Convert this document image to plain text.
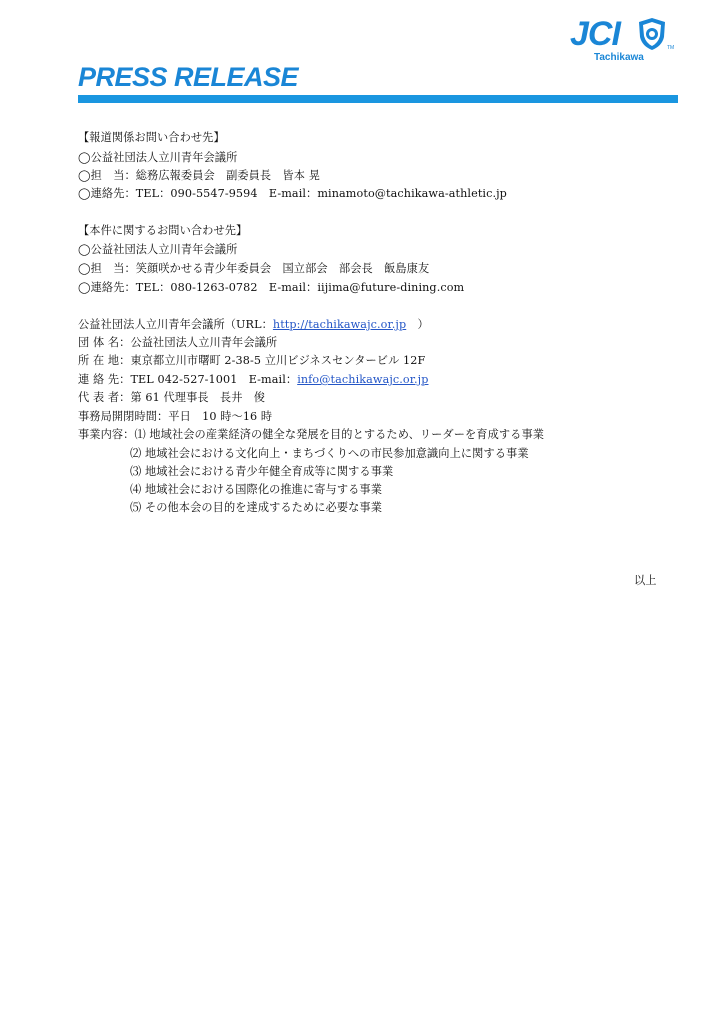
JCI	TM
Tachikawa
PRESS RELEASE
【報道関係お問い合わせ先】
◯公益社団法人立川青年会議所
◯担　当：総務広報委員会　副委員長　皆本 晃
◯連絡先：TEL：090-5547-9594　E-mail：minamoto@tachikawa-athletic.jp
【本件に関するお問い合わせ先】
◯公益社団法人立川青年会議所
◯担　当：笑顔咲かせる青少年委員会　国立部会　部会長　飯島康友
◯連絡先：TEL：080-1263-0782　E-mail：iijima@future-dining.com
公益社団法人立川青年会議所（URL：http://tachikawajc.or.jp　）
団 体 名：公益社団法人立川青年会議所
所 在 地：東京都立川市曙町 2-38-5 立川ビジネスセンタービル 12F
連 絡 先：TEL 042-527-1001　E-mail：info@tachikawajc.or.jp
代 表 者：第 61 代理事長　長井　俊
事務局開閉時間：平日　10 時～16 時
事業内容：⑴ 地域社会の産業経済の健全な発展を目的とするため、リーダーを育成する事業
⑵ 地域社会における文化向上・まちづくりへの市民参加意識向上に関する事業
⑶ 地域社会における青少年健全育成等に関する事業
⑷ 地域社会における国際化の推進に寄与する事業
⑸ その他本会の目的を達成するために必要な事業
以上
